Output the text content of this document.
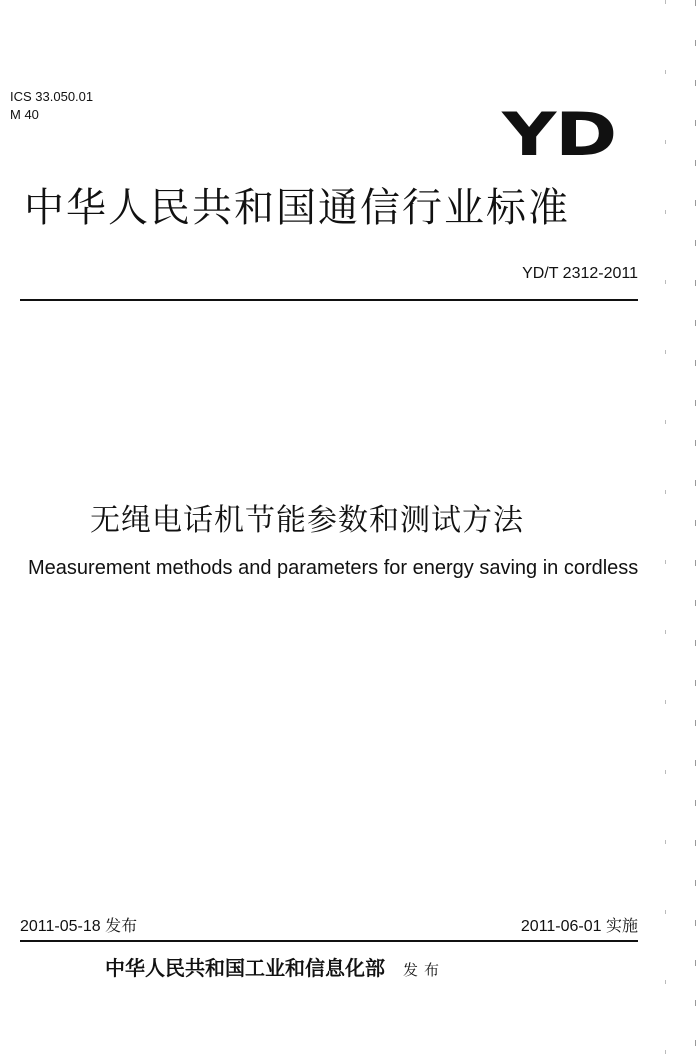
ICS 33.050.01
M 40	YD
中华人民共和国通信行业标准
YD/T 2312-2011
无绳电话机节能参数和测试方法
Measurement methods and parameters for energy saving in cordless
2011-05-18 发布	2011-06-01 实施
中华人民共和国工业和信息化部 发布
